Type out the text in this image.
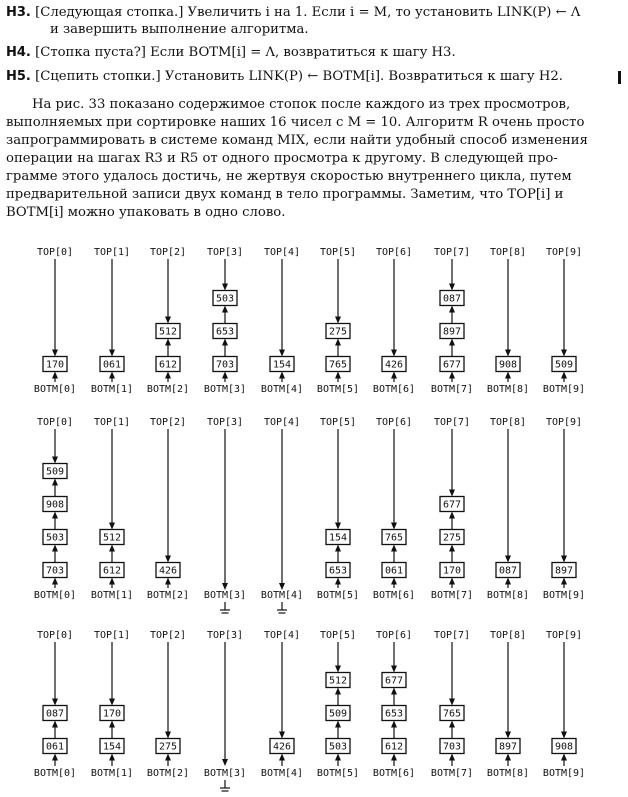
H3. [Следующая стопка.] Увеличить i на 1. Если i = M, то установить LINK(P) ← Λ
и завершить выполнение алгоритма.
H4. [Стопка пуста?] Если BOTM[i] = Λ, возвратиться к шагу H3.
H5. [Сцепить стопки.] Установить LINK(P) ← BOTM[i]. Возвратиться к шагу H2.
На рис. 33 показано содержимое стопок после каждого из трех просмотров,
выполняемых при сортировке наших 16 чисел с M = 10. Алгоритм R очень просто
запрограммировать в системе команд MIX, если найти удобный способ изменения
операции на шагах R3 и R5 от одного просмотра к другому. В следующей про-
грамме этого удалось достичь, не жертвуя скоростью внутреннего цикла, путем
предварительной записи двух команд в тело программы. Заметим, что TOP[i] и
BOTM[i] можно упаковать в одно слово.
TOP[0]
BOTM[0]
170
TOP[1]
BOTM[1]
061
TOP[2]
BOTM[2]
612
512
TOP[3]
BOTM[3]
703
653
503
TOP[4]
BOTM[4]
154
TOP[5]
BOTM[5]
765
275
TOP[6]
BOTM[6]
426
TOP[7]
BOTM[7]
677
897
087
TOP[8]
BOTM[8]
908
TOP[9]
BOTM[9]
509
TOP[0]
BOTM[0]
703
503
908
509
TOP[1]
BOTM[1]
612
512
TOP[2]
BOTM[2]
426
TOP[3]
BOTM[3]
TOP[4]
BOTM[4]
TOP[5]
BOTM[5]
653
154
TOP[6]
BOTM[6]
061
765
TOP[7]
BOTM[7]
170
275
677
TOP[8]
BOTM[8]
087
TOP[9]
BOTM[9]
897
TOP[0]
BOTM[0]
061
087
TOP[1]
BOTM[1]
154
170
TOP[2]
BOTM[2]
275
TOP[3]
BOTM[3]
TOP[4]
BOTM[4]
426
TOP[5]
BOTM[5]
503
509
512
TOP[6]
BOTM[6]
612
653
677
TOP[7]
BOTM[7]
703
765
TOP[8]
BOTM[8]
897
TOP[9]
BOTM[9]
908
